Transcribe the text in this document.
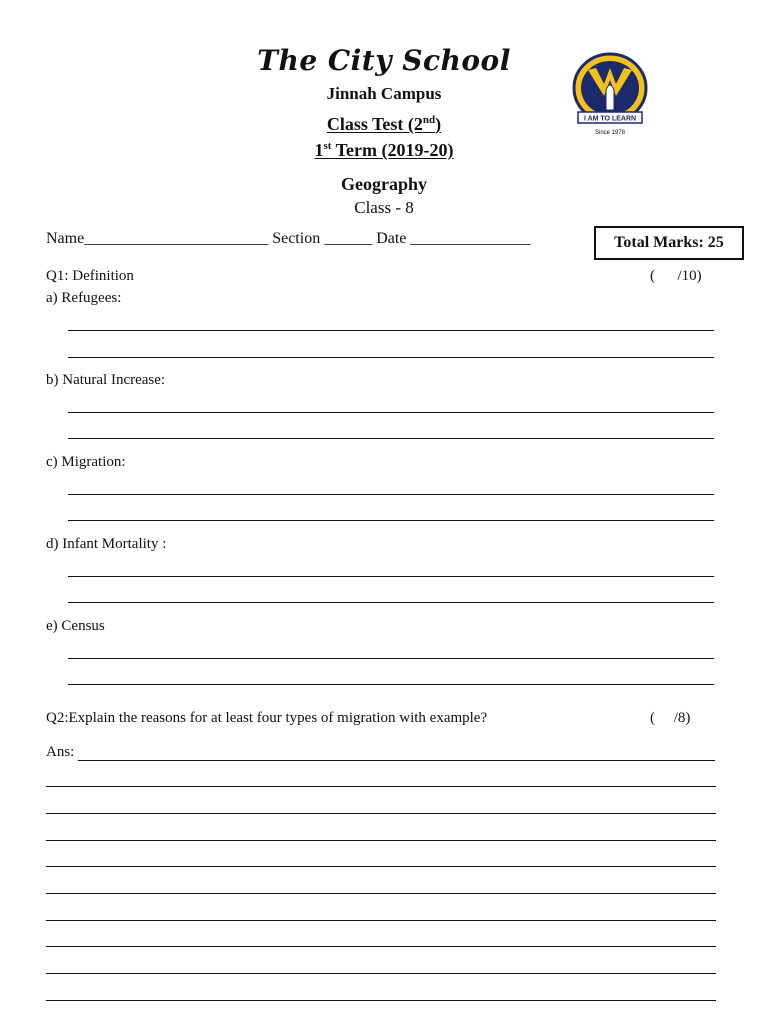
The City School
Jinnah Campus
Class Test (2nd)
1st Term (2019-20)
Geography
Class - 8
I AM TO LEARN
Since 1978
Name_______________________ Section ______ Date _______________	Total Marks: 25
Q1: Definition	(      /10)
a) Refugees:
b) Natural Increase:
c) Migration:
d) Infant Mortality :
e) Census
Q2:Explain the reasons for at least four types of migration with example?	(     /8)
Ans:
